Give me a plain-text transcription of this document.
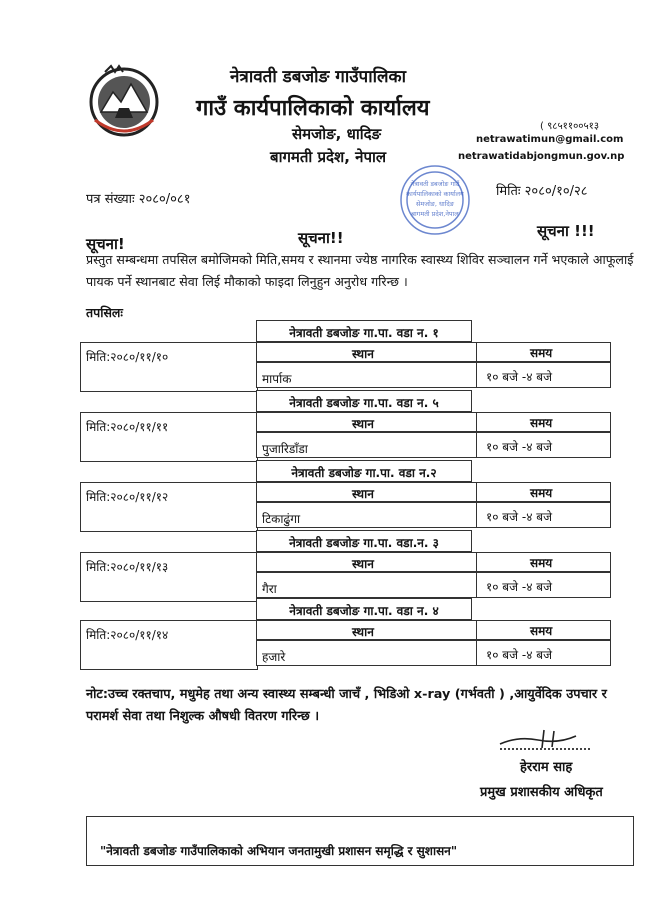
नेत्रावती डबजोङ गाउँपालिका
गाउँ कार्यपालिकाको कार्यालय
सेमजोङ, धादिङ
बागमती प्रदेश, नेपाल
( ९८५११००५१३
netrawatimun@gmail.com
netrawatidabjongmun.gov.np
नेत्रावती डबजोङ गाउँ
कार्यपालिकाको कार्यालय
सेमजोङ, धादिङ
बागमती प्रदेश,नेपाल
पत्र संख्याः २०८०/०८१
मितिः २०८०/१०/२८
सूचना!	सूचना!!	सूचना !!!
प्रस्तुत सम्बन्धमा तपसिल बमोजिमको मिति,समय र स्थानमा ज्येष्ठ नागरिक स्वास्थ्य शिविर सञ्चालन गर्ने भएकाले आफूलाई पायक पर्ने स्थानबाट सेवा लिई मौकाको फाइदा लिनुहुन अनुरोध गरिन्छ ।
तपसिलः
नेत्रावती डबजोङ गा.पा. वडा न. १
मिति:२०८०/११/१०	स्थान	समय
मार्पाक	१० बजे -४ बजे
नेत्रावती डबजोङ गा.पा. वडा न. ५
मिति:२०८०/११/११	स्थान	समय
पुजारिडाँडा	१० बजे -४ बजे
नेत्रावती डबजोङ गा.पा. वडा न.२
मिति:२०८०/११/१२	स्थान	समय
टिकाढुंगा	१० बजे -४ बजे
नेत्रावती डबजोङ गा.पा. वडा.न. ३
मिति:२०८०/११/१३	स्थान	समय
गैरा	१० बजे -४ बजे
नेत्रावती डबजोङ गा.पा. वडा न. ४
मिति:२०८०/११/१४	स्थान	समय
हजारे	१० बजे -४ बजे
नोट:उच्च रक्तचाप, मधुमेह तथा अन्य स्वास्थ्य सम्बन्धी जाचँ , भिडिओ x-ray (गर्भवती ) ,आयुर्वेदिक उपचार र परामर्श सेवा तथा निशुल्क औषधी वितरण गरिन्छ ।
हेरराम साह
प्रमुख प्रशासकीय अधिकृत
"नेत्रावती डबजोङ गाउँपालिकाको अभियान जनतामुखी प्रशासन समृद्धि र सुशासन"
